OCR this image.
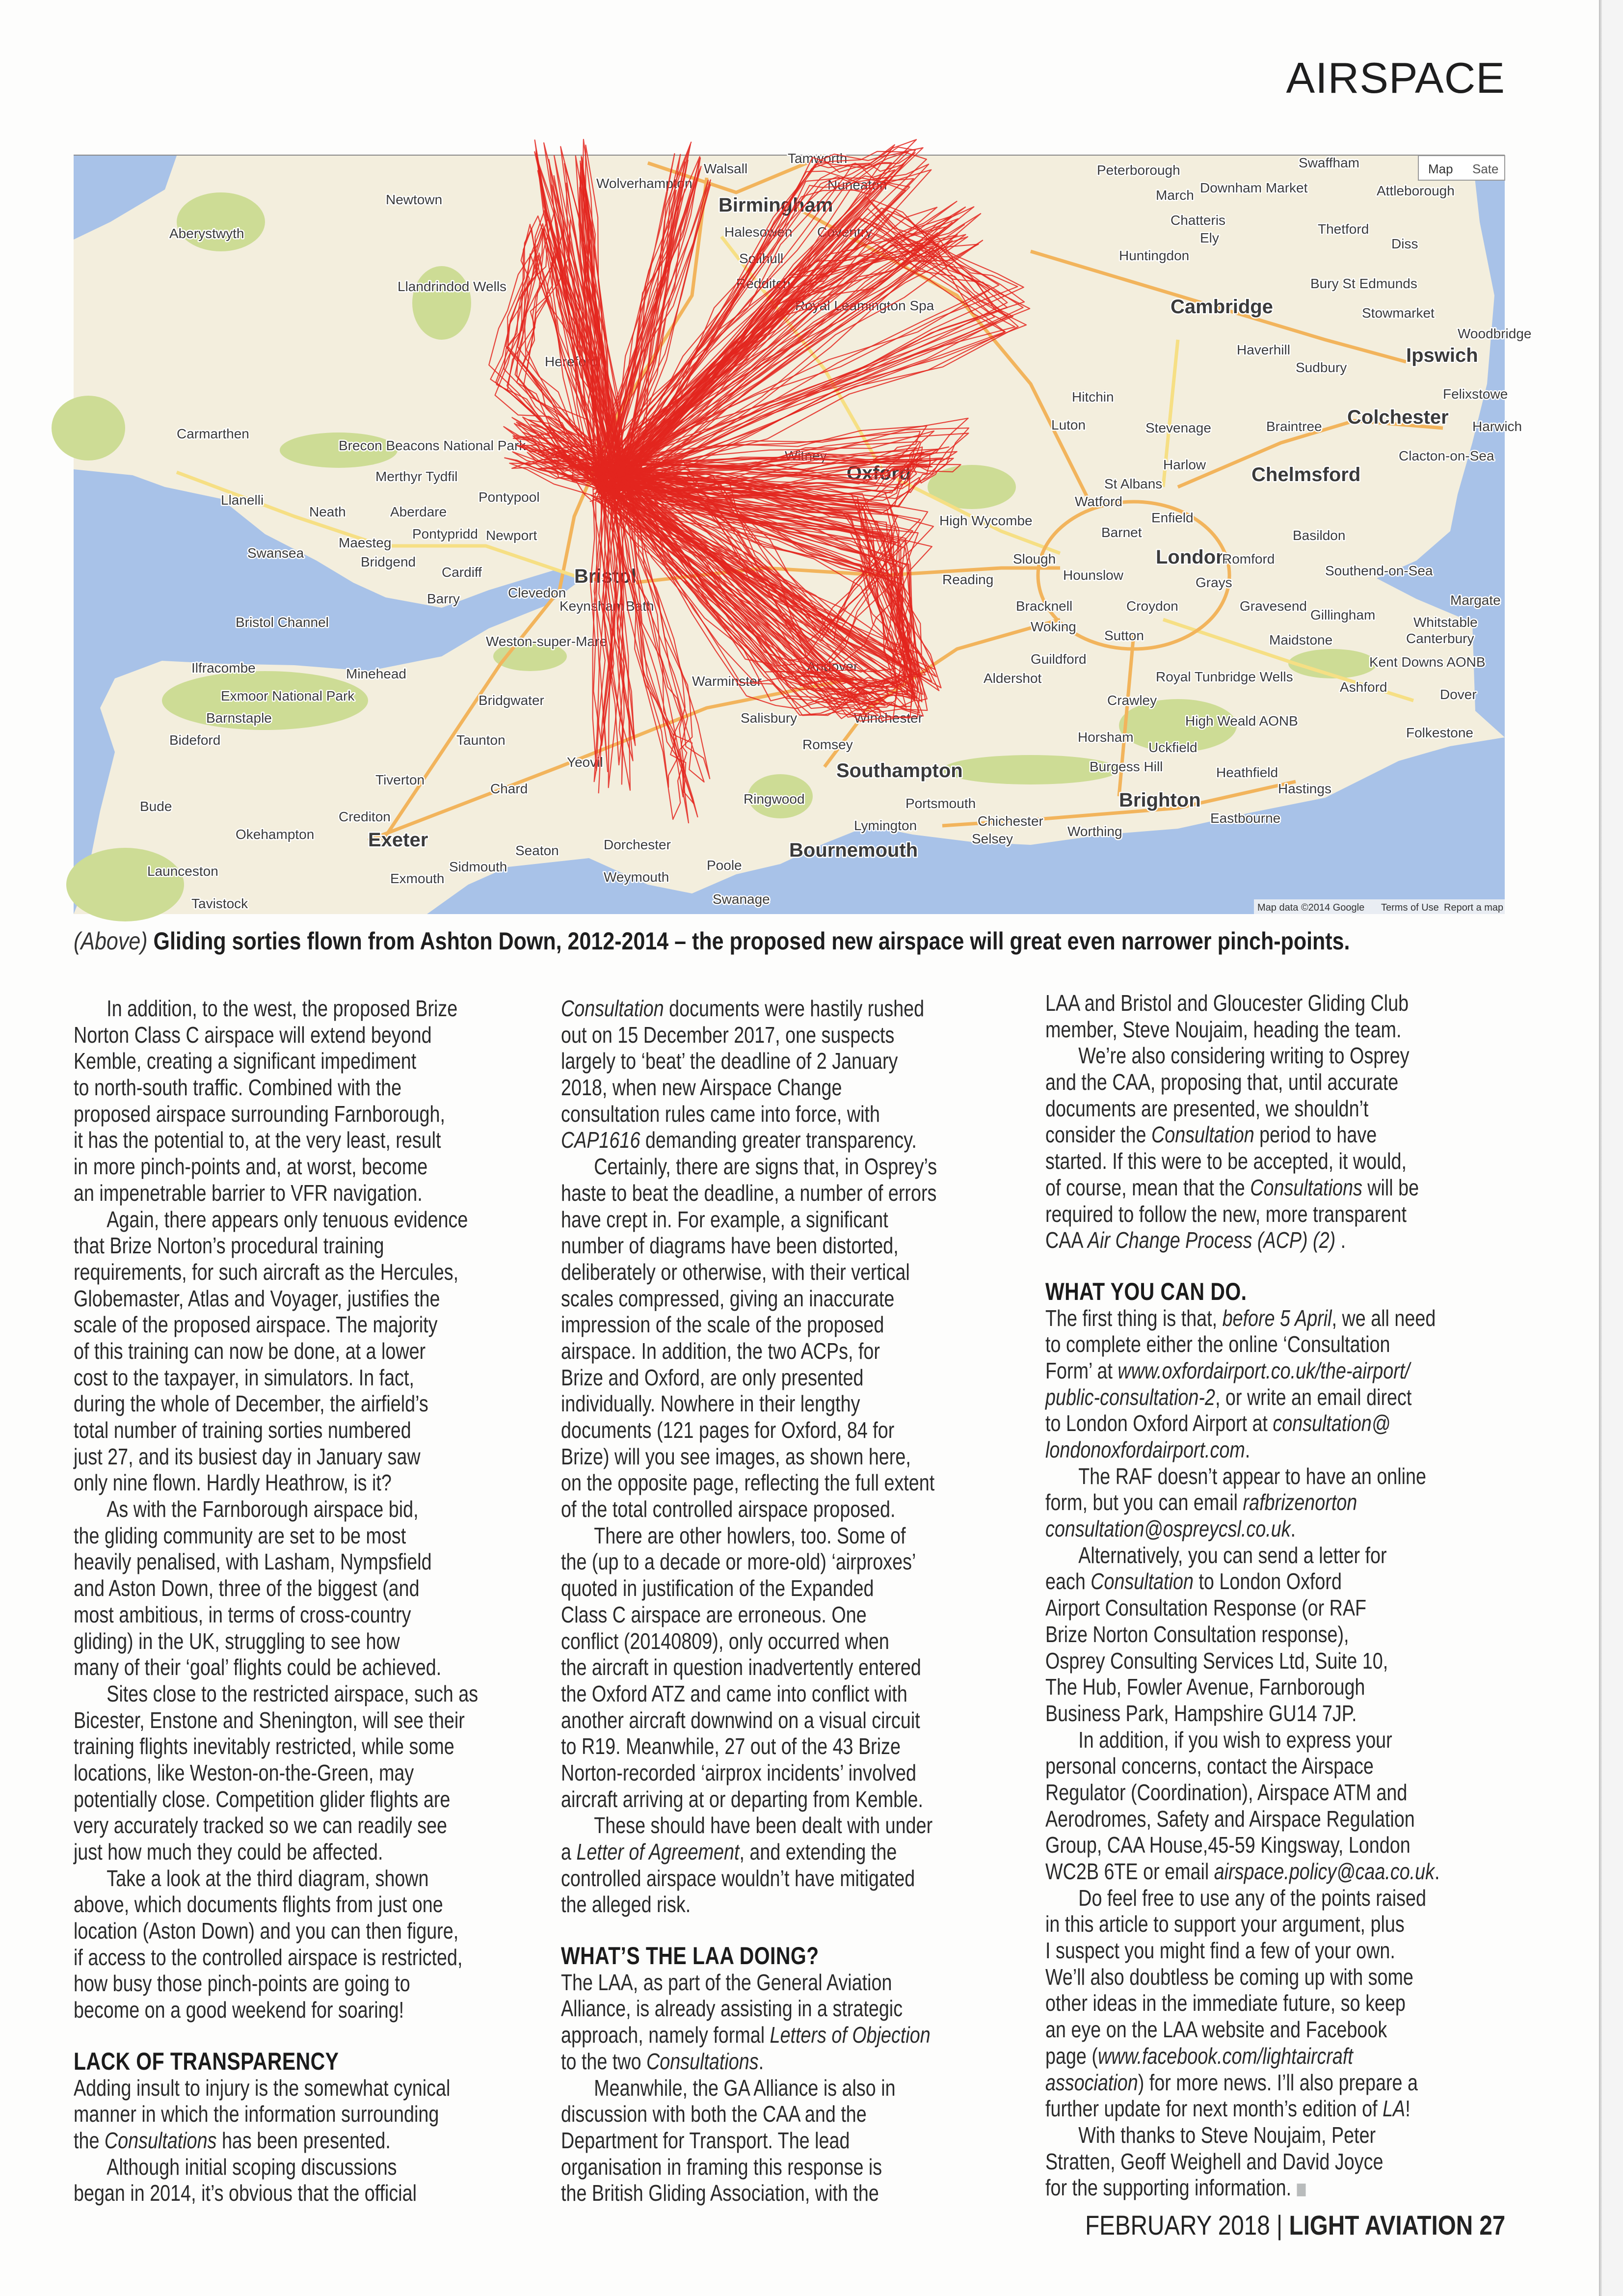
AIRSPACE
Walsall
Tamworth
Wolverhampton
Birmingham
Nuneaton
Newtown
Aberystwyth	Halesowen Coventry
Solihull
Redditch
Royal Leamington Spa
Llandrindod Wells
Peterborough
March
Chatteris
Ely
Huntingdon
Cambridge
Thetford
Diss
Bury St Edmunds
Stowmarket
Haverhill
Sudbury
Ipswich
Felixstowe
Colchester Harwich
Clacton-on-Sea
Braintree
Chelmsford
Luton	Stevenage
Hitchin
Harlow
St Albans
Watford
Enfield
Barnet	Basildon
London
Romford
Southend-on-Sea
Slough
Hounslow	Grays
Croydon	Gravesend
Gillingham
Margate
Whitstable
Canterbury
Maidstone
Sutton
Bracknell
Woking
Guildford
Aldershot	Royal Tunbridge Wells
Ashford	Dover
Folkestone
Crawley
Horsham
Burgess Hill
Brighton
Worthing
Eastbourne
Hastings
Chichester
Portsmouth
Southampton
Lymington
Bournemouth
Poole
Swanage
Weymouth
Dorchester
Salisbury	Winchester
Romsey
Ringwood
Andover
Warminster
Yeovil
Taunton
Bridgwater
Chard
Exeter
Tiverton
Crediton
Okehampton
Launceston
Tavistock
Bude
Barnstaple
Bideford
Ilfracombe	Minehead
Weston-super-Mare
Bristol
Keynsham Bath
Clevedon
Barry
Cardiff
Newport
Pontypool
Merthyr Tydfil
Aberdare
Pontypridd
Neath
Swansea
Llanelli
Carmarthen
Bridgend
Maesteg
Witney
Oxford
High Wycombe
Reading
Bristol Channel
Brecon Beacons National Park
Exmoor National Park
Kent Downs AONB
High Weald AONB
Uckfield
Heathfield
Selsey
Sidmouth
Seaton
Exmouth
Woodbridge
Attleborough
Swaffham
Downham Market
Hereford
Map Sate
Map data ©2014 Google Terms of Use Report a map
(Above) Gliding sorties flown from Ashton Down, 2012-2014 – the proposed new airspace will great even narrower pinch-points.
In addition, to the west, the proposed Brize
Norton Class C airspace will extend beyond
Kemble, creating a significant impediment
to north-south traffic. Combined with the
proposed airspace surrounding Farnborough,
it has the potential to, at the very least, result
in more pinch-points and, at worst, become
an impenetrable barrier to VFR navigation.
Again, there appears only tenuous evidence
that Brize Norton’s procedural training
requirements, for such aircraft as the Hercules,
Globemaster, Atlas and Voyager, justifies the
scale of the proposed airspace. The majority
of this training can now be done, at a lower
cost to the taxpayer, in simulators. In fact,
during the whole of December, the airfield’s
total number of training sorties numbered
just 27, and its busiest day in January saw
only nine flown. Hardly Heathrow, is it?
As with the Farnborough airspace bid,
the gliding community are set to be most
heavily penalised, with Lasham, Nympsfield
and Aston Down, three of the biggest (and
most ambitious, in terms of cross-country
gliding) in the UK, struggling to see how
many of their ‘goal’ flights could be achieved.
Sites close to the restricted airspace, such as
Bicester, Enstone and Shenington, will see their
training flights inevitably restricted, while some
locations, like Weston-on-the-Green, may
potentially close. Competition glider flights are
very accurately tracked so we can readily see
just how much they could be affected.
Take a look at the third diagram, shown
above, which documents flights from just one
location (Aston Down) and you can then figure,
if access to the controlled airspace is restricted,
how busy those pinch-points are going to
become on a good weekend for soaring!
LACK OF TRANSPARENCY
Adding insult to injury is the somewhat cynical
manner in which the information surrounding
the Consultations has been presented.
Although initial scoping discussions
began in 2014, it’s obvious that the official
Consultation documents were hastily rushed
out on 15 December 2017, one suspects
largely to ‘beat’ the deadline of 2 January
2018, when new Airspace Change
consultation rules came into force, with
CAP1616 demanding greater transparency.
Certainly, there are signs that, in Osprey’s
haste to beat the deadline, a number of errors
have crept in. For example, a significant
number of diagrams have been distorted,
deliberately or otherwise, with their vertical
scales compressed, giving an inaccurate
impression of the scale of the proposed
airspace. In addition, the two ACPs, for
Brize and Oxford, are only presented
individually. Nowhere in their lengthy
documents (121 pages for Oxford, 84 for
Brize) will you see images, as shown here,
on the opposite page, reflecting the full extent
of the total controlled airspace proposed.
There are other howlers, too. Some of
the (up to a decade or more-old) ‘airproxes’
quoted in justification of the Expanded
Class C airspace are erroneous. One
conflict (20140809), only occurred when
the aircraft in question inadvertently entered
the Oxford ATZ and came into conflict with
another aircraft downwind on a visual circuit
to R19. Meanwhile, 27 out of the 43 Brize
Norton-recorded ‘airprox incidents’ involved
aircraft arriving at or departing from Kemble.
These should have been dealt with under
a Letter of Agreement, and extending the
controlled airspace wouldn’t have mitigated
the alleged risk.
WHAT’S THE LAA DOING?
The LAA, as part of the General Aviation
Alliance, is already assisting in a strategic
approach, namely formal Letters of Objection
to the two Consultations.
Meanwhile, the GA Alliance is also in
discussion with both the CAA and the
Department for Transport. The lead
organisation in framing this response is
the British Gliding Association, with the
LAA and Bristol and Gloucester Gliding Club
member, Steve Noujaim, heading the team.
We’re also considering writing to Osprey
and the CAA, proposing that, until accurate
documents are presented, we shouldn’t
consider the Consultation period to have
started. If this were to be accepted, it would,
of course, mean that the Consultations will be
required to follow the new, more transparent
CAA Air Change Process (ACP) (2) .
WHAT YOU CAN DO.
The first thing is that, before 5 April, we all need
to complete either the online ‘Consultation
Form’ at www.oxfordairport.co.uk/the-airport/
public-consultation-2, or write an email direct
to London Oxford Airport at consultation@
londonoxfordairport.com.
The RAF doesn’t appear to have an online
form, but you can email rafbrizenorton
consultation@ospreycsl.co.uk.
Alternatively, you can send a letter for
each Consultation to London Oxford
Airport Consultation Response (or RAF
Brize Norton Consultation response),
Osprey Consulting Services Ltd, Suite 10,
The Hub, Fowler Avenue, Farnborough
Business Park, Hampshire GU14 7JP.
In addition, if you wish to express your
personal concerns, contact the Airspace
Regulator (Coordination), Airspace ATM and
Aerodromes, Safety and Airspace Regulation
Group, CAA House,45-59 Kingsway, London
WC2B 6TE or email airspace.policy@caa.co.uk.
Do feel free to use any of the points raised
in this article to support your argument, plus
I suspect you might find a few of your own.
We’ll also doubtless be coming up with some
other ideas in the immediate future, so keep
an eye on the LAA website and Facebook
page (www.facebook.com/lightaircraft
association) for more news. I’ll also prepare a
further update for next month’s edition of LA!
With thanks to Steve Noujaim, Peter
Stratten, Geoff Weighell and David Joyce
for the supporting information.
FEBRUARY 2018 | LIGHT AVIATION 27
